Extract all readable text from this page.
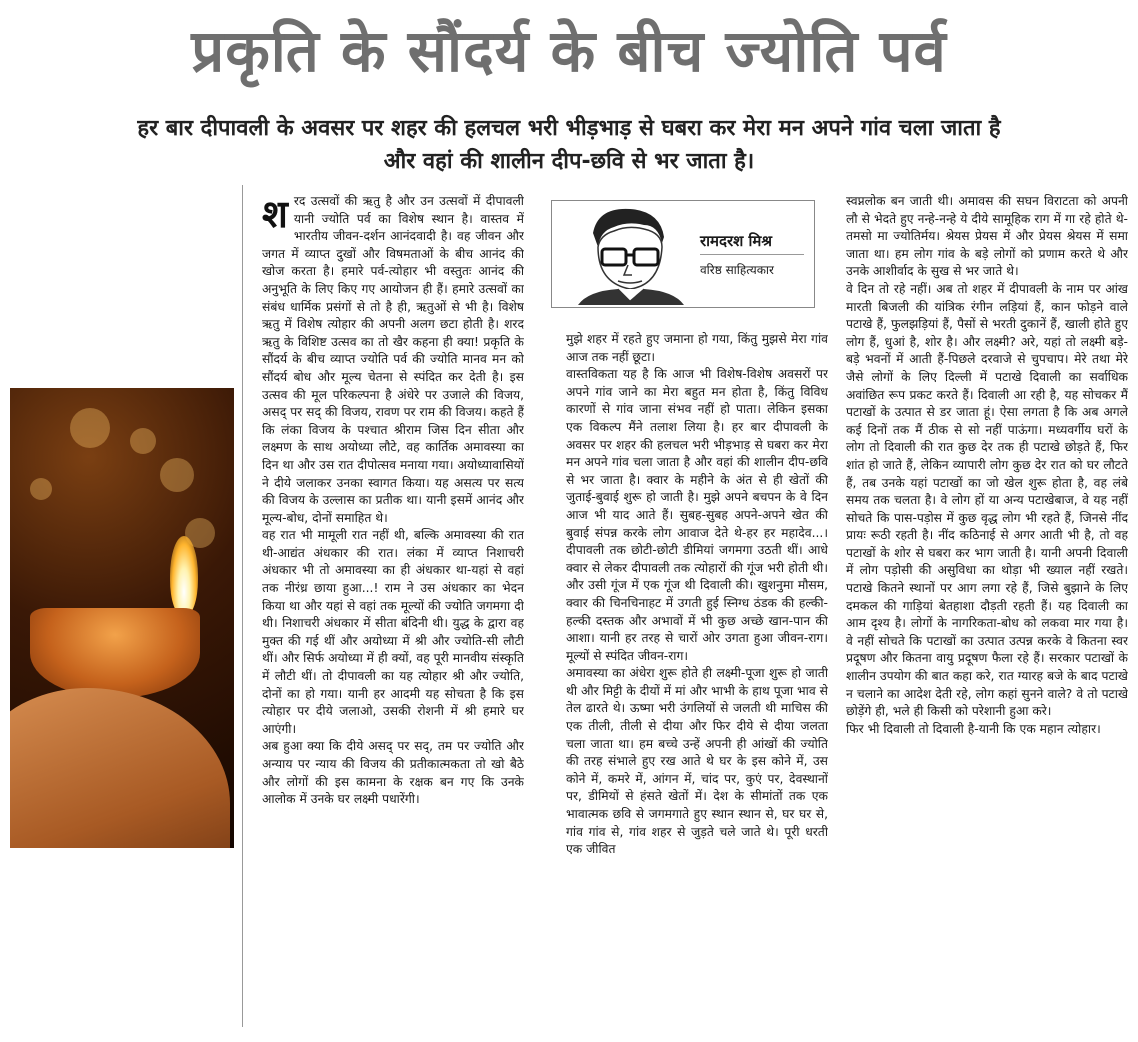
प्रकृति के सौंदर्य के बीच ज्योति पर्व
हर बार दीपावली के अवसर पर शहर की हलचल भरी भीड़भाड़ से घबरा कर मेरा मन अपने गांव चला जाता है
और वहां की शालीन दीप-छवि से भर जाता है।
श रद उत्सवों की ऋतु है और उन उत्सवों में दीपावली यानी ज्योति पर्व का विशेष स्थान है। वास्तव में भारतीय जीवन-दर्शन आनंदवादी है। वह जीवन और जगत में व्याप्त दुखों और विषमताओं के बीच आनंद की खोज करता है। हमारे पर्व-त्योहार भी वस्तुतः आनंद की अनुभूति के लिए किए गए आयोजन ही हैं। हमारे उत्सवों का संबंध धार्मिक प्रसंगों से तो है ही, ऋतुओं से भी है। विशेष ऋतु में विशेष त्योहार की अपनी अलग छटा होती है। शरद ऋतु के विशिष्ट उत्सव का तो खैर कहना ही क्या! प्रकृति के सौंदर्य के बीच व्याप्त ज्योति पर्व की ज्योति मानव मन को सौंदर्य बोध और मूल्य चेतना से स्पंदित कर देती है। इस उत्सव की मूल परिकल्पना है अंधेरे पर उजाले की विजय, असद् पर सद् की विजय, रावण पर राम की विजय। कहते हैं कि लंका विजय के पश्चात श्रीराम जिस दिन सीता और लक्ष्मण के साथ अयोध्या लौटे, वह कार्तिक अमावस्या का दिन था और उस रात दीपोत्सव मनाया गया। अयोध्यावासियों ने दीये जलाकर उनका स्वागत किया। यह असत्य पर सत्य की विजय के उल्लास का प्रतीक था। यानी इसमें आनंद और मूल्य-बोध, दोनों समाहित थे।

वह रात भी मामूली रात नहीं थी, बल्कि अमावस्या की रात थी-आद्यंत अंधकार की रात। लंका में व्याप्त निशाचरी अंधकार भी तो अमावस्या का ही अंधकार था-यहां से वहां तक नीरंध्र छाया हुआ...! राम ने उस अंधकार का भेदन किया था और यहां से वहां तक मूल्यों की ज्योति जगमगा दी थी। निशाचरी अंधकार में सीता बंदिनी थी। युद्ध के द्वारा वह मुक्त की गई थीं और अयोध्या में श्री और ज्योति-सी लौटी थीं। और सिर्फ अयोध्या में ही क्यों, वह पूरी मानवीय संस्कृति में लौटी थीं। तो दीपावली का यह त्योहार श्री और ज्योति, दोनों का हो गया। यानी हर आदमी यह सोचता है कि इस त्योहार पर दीये जलाओ, उसकी रोशनी में श्री हमारे घर आएंगी।

अब हुआ क्या कि दीये असद् पर सद्, तम पर ज्योति और अन्याय पर न्याय की विजय की प्रतीकात्मकता तो खो बैठे और लोगों की इस कामना के रक्षक बन गए कि उनके आलोक में उनके घर लक्ष्मी पधारेंगी।

रामदरश मिश्र
वरिष्ठ साहित्यकार

मुझे शहर में रहते हुए जमाना हो गया, किंतु मुझसे मेरा गांव आज तक नहीं छूटा।

वास्तविकता यह है कि आज भी विशेष-विशेष अवसरों पर अपने गांव जाने का मेरा बहुत मन होता है, किंतु विविध कारणों से गांव जाना संभव नहीं हो पाता। लेकिन इसका एक विकल्प मैंने तलाश लिया है। हर बार दीपावली के अवसर पर शहर की हलचल भरी भीड़भाड़ से घबरा कर मेरा मन अपने गांव चला जाता है और वहां की शालीन दीप-छवि से भर जाता है। क्वार के महीने के अंत से ही खेतों की जुताई-बुवाई शुरू हो जाती है। मुझे अपने बचपन के वे दिन आज भी याद आते हैं। सुबह-सुबह अपने-अपने खेत की बुवाई संपन्न करके लोग आवाज देते थे-हर हर महादेव...। दीपावली तक छोटी-छोटी डीमियां जगमगा उठती थीं। आधे क्वार से लेकर दीपावली तक त्योहारों की गूंज भरी होती थी। और उसी गूंज में एक गूंज थी दिवाली की। खुशनुमा मौसम, क्वार की चिनचिनाहट में उगती हुई स्निग्ध ठंडक की हल्की-हल्की दस्तक और अभावों में भी कुछ अच्छे खान-पान की आशा। यानी हर तरह से चारों ओर उगता हुआ जीवन-राग। मूल्यों से स्पंदित जीवन-राग।

अमावस्या का अंधेरा शुरू होते ही लक्ष्मी-पूजा शुरू हो जाती थी और मिट्टी के दीयों में मां और भाभी के हाथ पूजा भाव से तेल ढारते थे। ऊष्मा भरी उंगलियों से जलती थी माचिस की एक तीली, तीली से दीया और फिर दीये से दीया जलता चला जाता था। हम बच्चे उन्हें अपनी ही आंखों की ज्योति की तरह संभाले हुए रख आते थे घर के इस कोने में, उस कोने में, कमरे में, आंगन में, चांद पर, कुएं पर, देवस्थानों पर, डीमियों से हंसते खेतों में। देश के सीमांतों तक एक भावात्मक छवि से जगमगाते हुए स्थान स्थान से, घर घर से, गांव गांव से, गांव शहर से जुड़ते चले जाते थे। पूरी धरती एक जीवित

स्वप्नलोक बन जाती थी। अमावस की सघन विराटता को अपनी लौ से भेदते हुए नन्हे-नन्हे ये दीये सामूहिक राग में गा रहे होते थे-तमसो मा ज्योतिर्मय। श्रेयस प्रेयस में और प्रेयस श्रेयस में समा जाता था। हम लोग गांव के बड़े लोगों को प्रणाम करते थे और उनके आशीर्वाद के सुख से भर जाते थे।

वे दिन तो रहे नहीं। अब तो शहर में दीपावली के नाम पर आंख मारती बिजली की यांत्रिक रंगीन लड़ियां हैं, कान फोड़ने वाले पटाखे हैं, फुलझड़ियां हैं, पैसों से भरती दुकानें हैं, खाली होते हुए लोग हैं, धुआं है, शोर है। और लक्ष्मी? अरे, यहां तो लक्ष्मी बड़े-बड़े भवनों में आती हैं-पिछले दरवाजे से चुपचाप। मेरे तथा मेरे जैसे लोगों के लिए दिल्ली में पटाखे दिवाली का सर्वाधिक अवांछित रूप प्रकट करते हैं। दिवाली आ रही है, यह सोचकर मैं पटाखों के उत्पात से डर जाता हूं। ऐसा लगता है कि अब अगले कई दिनों तक मैं ठीक से सो नहीं पाऊंगा। मध्यवर्गीय घरों के लोग तो दिवाली की रात कुछ देर तक ही पटाखे छोड़ते हैं, फिर शांत हो जाते हैं, लेकिन व्यापारी लोग कुछ देर रात को घर लौटते हैं, तब उनके यहां पटाखों का जो खेल शुरू होता है, वह लंबे समय तक चलता है। वे लोग हों या अन्य पटाखेबाज, वे यह नहीं सोचते कि पास-पड़ोस में कुछ वृद्ध लोग भी रहते हैं, जिनसे नींद प्रायः रूठी रहती है। नींद कठिनाई से अगर आती भी है, तो वह पटाखों के शोर से घबरा कर भाग जाती है। यानी अपनी दिवाली में लोग पड़ोसी की असुविधा का थोड़ा भी ख्याल नहीं रखते। पटाखे कितने स्थानों पर आग लगा रहे हैं, जिसे बुझाने के लिए दमकल की गाड़ियां बेतहाशा दौड़ती रहती हैं। यह दिवाली का आम दृश्य है। लोगों के नागरिकता-बोध को लकवा मार गया है। वे नहीं सोचते कि पटाखों का उत्पात उत्पन्न करके वे कितना स्वर प्रदूषण और कितना वायु प्रदूषण फैला रहे हैं। सरकार पटाखों के शालीन उपयोग की बात कहा करे, रात ग्यारह बजे के बाद पटाखे न चलाने का आदेश देती रहे, लोग कहां सुनने वाले? वे तो पटाखे छोड़ेंगे ही, भले ही किसी को परेशानी हुआ करे।

फिर भी दिवाली तो दिवाली है-यानी कि एक महान त्योहार।
